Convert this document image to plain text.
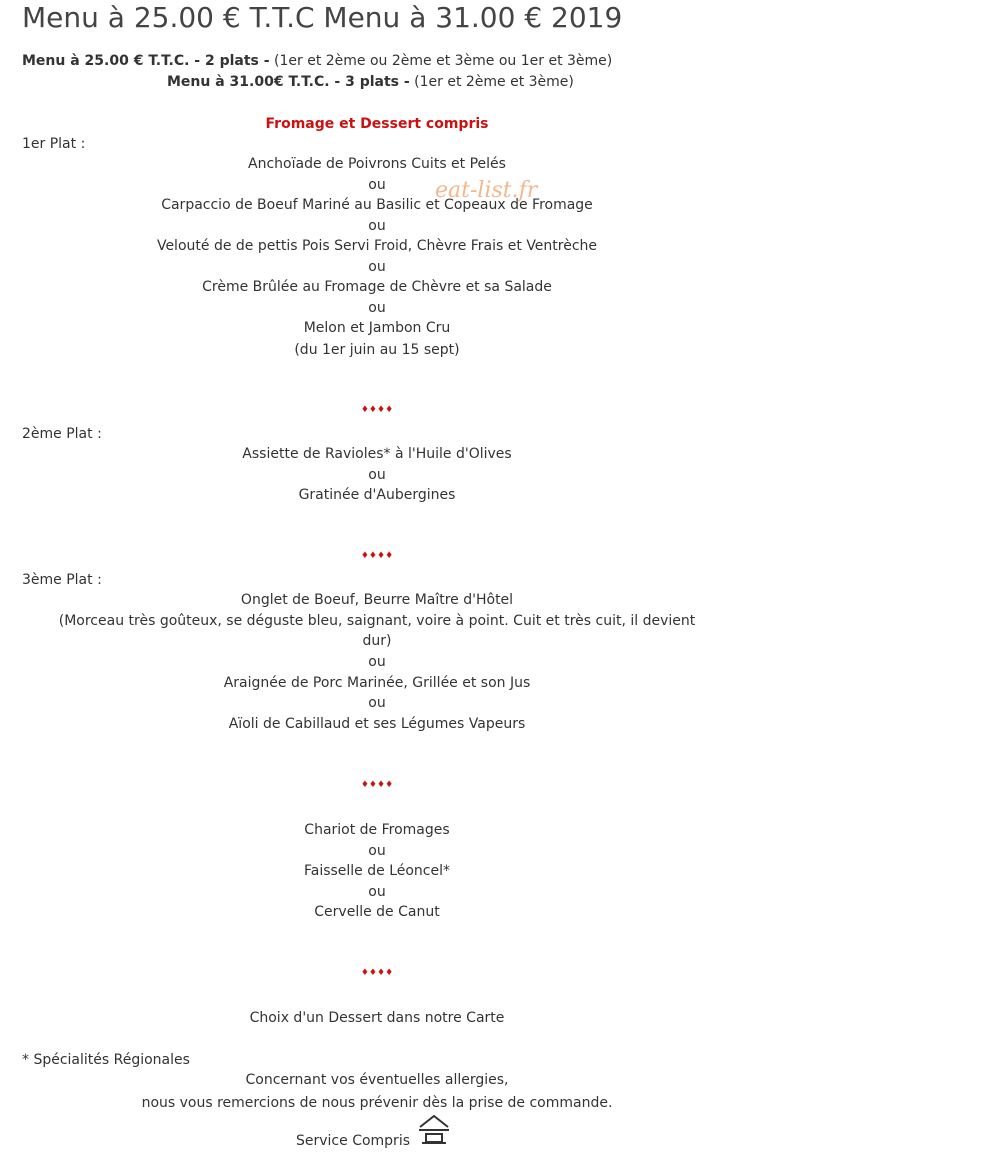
Menu à 25.00 € T.T.C Menu à 31.00 € 2019
Menu à 25.00 € T.T.C. - 2 plats - (1er et 2ème ou 2ème et 3ème ou 1er et 3ème)
Menu à 31.00€ T.T.C. - 3 plats - (1er et 2ème et 3ème)
Fromage et Dessert compris
1er Plat :
Anchoïade de Poivrons Cuits et Pelés
ou
Carpaccio de Boeuf Mariné au Basilic et Copeaux de Fromage
ou
Velouté de de pettis Pois Servi Froid, Chèvre Frais et Ventrèche
ou
Crème Brûlée au Fromage de Chèvre et sa Salade
ou
Melon et Jambon Cru
(du 1er juin au 15 sept)
eat-list.fr
♦♦♦♦
2ème Plat :
Assiette de Ravioles* à l'Huile d'Olives
ou
Gratinée d'Aubergines
♦♦♦♦
3ème Plat :
Onglet de Boeuf, Beurre Maître d'Hôtel
(Morceau très goûteux, se déguste bleu, saignant, voire à point. Cuit et très cuit, il devient
dur)
ou
Araignée de Porc Marinée, Grillée et son Jus
ou
Aïoli de Cabillaud et ses Légumes Vapeurs
♦♦♦♦
Chariot de Fromages
ou
Faisselle de Léoncel*
ou
Cervelle de Canut
♦♦♦♦
Choix d'un Dessert dans notre Carte
* Spécialités Régionales
Concernant vos éventuelles allergies,
nous vous remercions de nous prévenir dès la prise de commande.
Service Compris
